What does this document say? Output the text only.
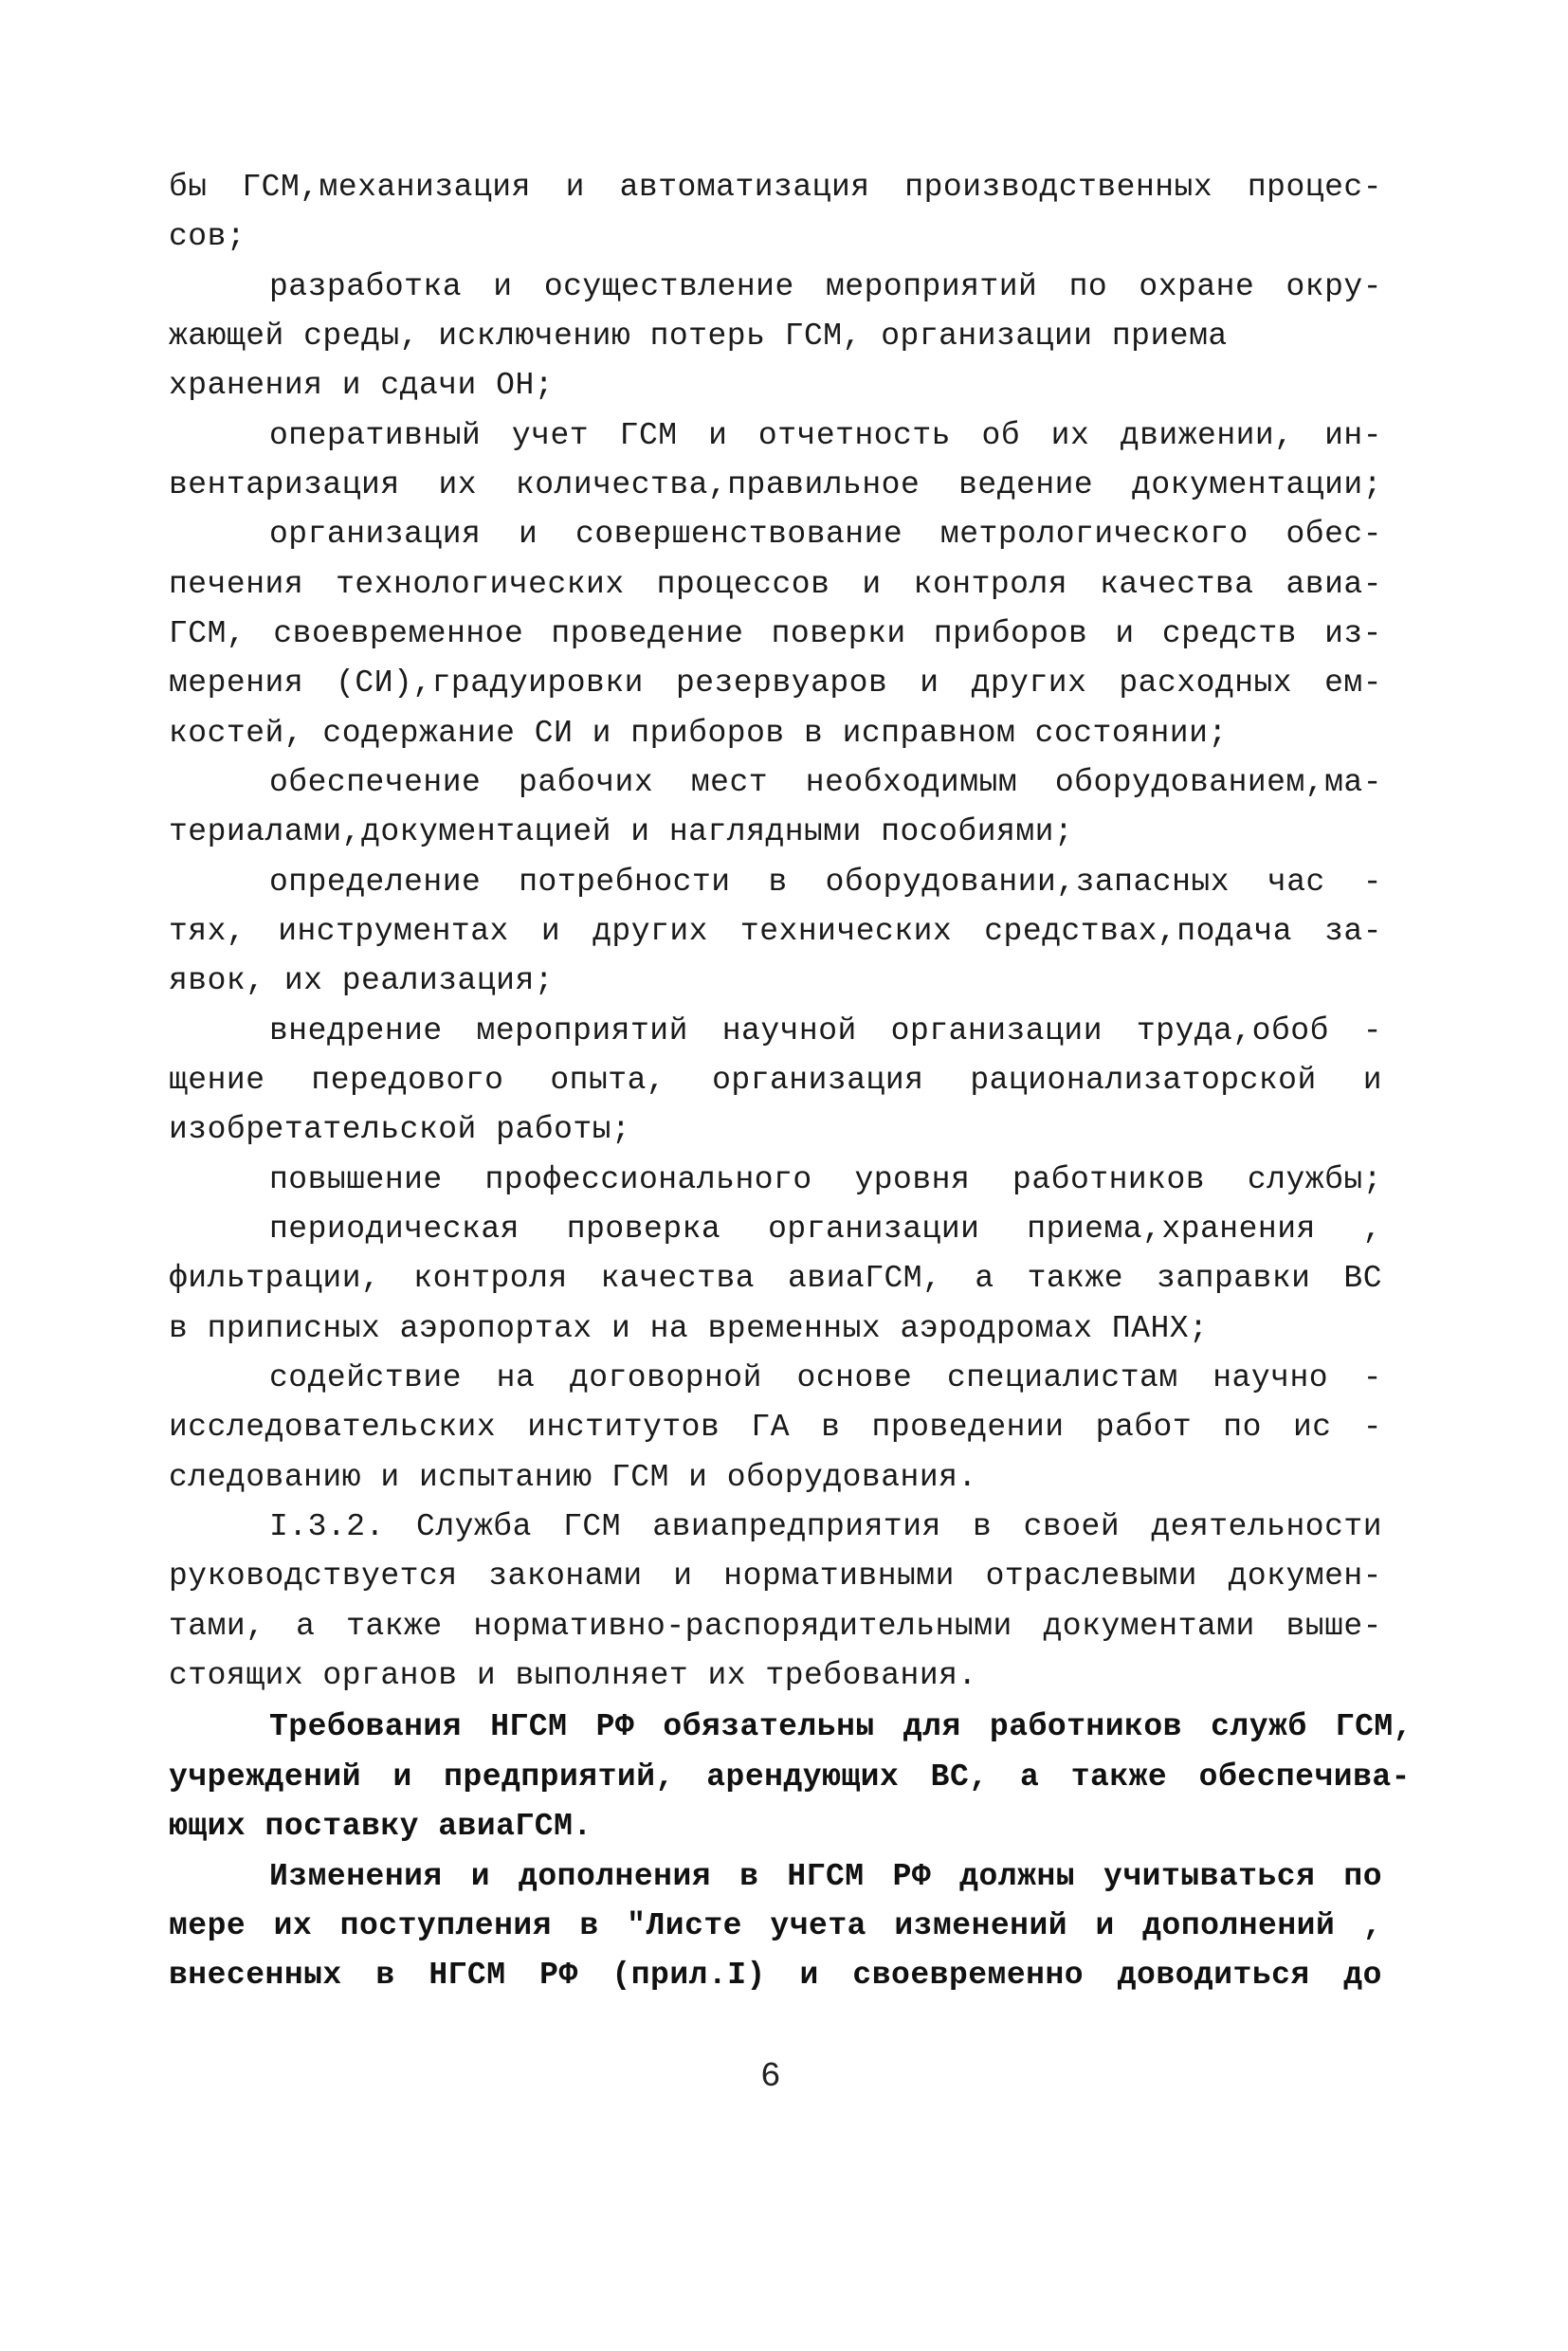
бы ГСМ,механизация и автоматизация производственных процес-
сов;
разработка и осуществление мероприятий по охране окру-
жающей среды, исключению потерь ГСМ, организации приема
хранения и сдачи ОН;
оперативный учет ГСМ и отчетность об их движении, ин-
вентаризация их количества,правильное ведение документации;
организация и совершенствование метрологического обес-
печения технологических процессов и контроля качества авиа-
ГСМ, своевременное проведение поверки приборов и средств из-
мерения (СИ),градуировки резервуаров и других расходных ем-
костей, содержание СИ и приборов в исправном состоянии;
обеспечение рабочих мест необходимым оборудованием,ма-
териалами,документацией и наглядными пособиями;
определение потребности в оборудовании,запасных час -
тях, инструментах и других технических средствах,подача за-
явок, их реализация;
внедрение мероприятий научной организации труда,обоб -
щение передового опыта, организация рационализаторской и
изобретательской работы;
повышение профессионального уровня работников службы;
периодическая проверка организации приема,хранения ,
фильтрации, контроля качества авиаГСМ, а также заправки ВС
в приписных аэропортах и на временных аэродромах ПАНХ;
содействие на договорной основе специалистам научно -
исследовательских институтов ГА в проведении работ по ис -
следованию и испытанию ГСМ и оборудования.
I.3.2. Служба ГСМ авиапредприятия в своей деятельности
руководствуется законами и нормативными отраслевыми докумен-
тами, а также нормативно-распорядительными документами выше-
стоящих органов и выполняет их требования.
Требования НГСМ РФ обязательны для работников служб ГСМ,
учреждений и предприятий, арендующих ВС, а также обеспечива-
ющих поставку авиаГСМ.
Изменения и дополнения в НГСМ РФ должны учитываться по
мере их поступления в "Листе учета изменений и дополнений ,
внесенных в НГСМ РФ (прил.I) и своевременно доводиться до
6
